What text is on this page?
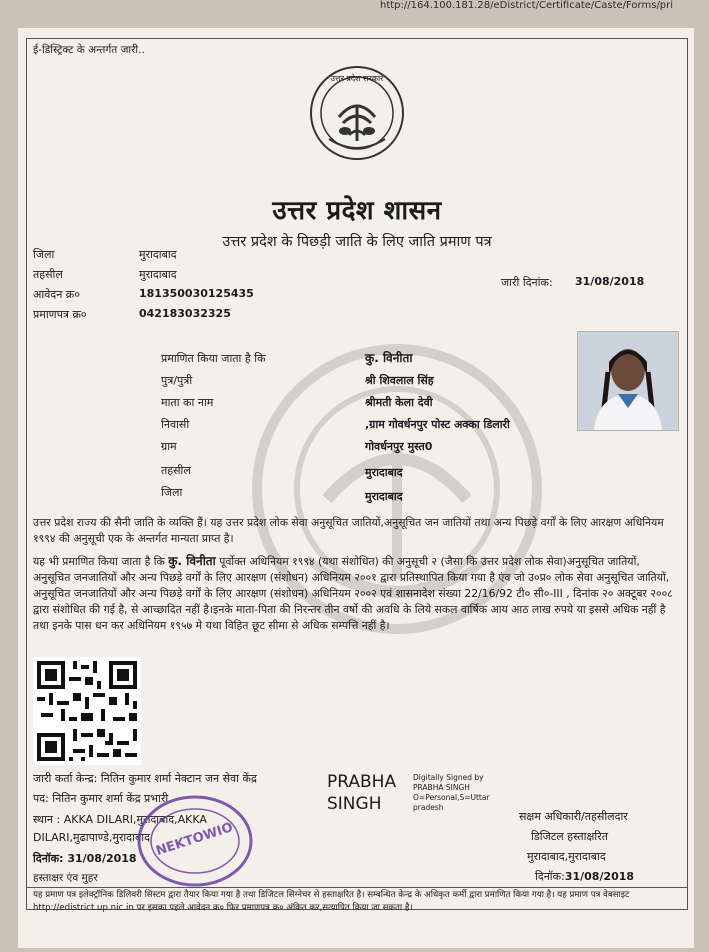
http://164.100.181.28/eDistrict/Certificate/Caste/Forms/pri
ई-डिस्ट्रिक्ट के अन्तर्गत जारी..
उत्तर प्रदेश सरकार
उत्तर प्रदेश शासन
उत्तर प्रदेश के पिछड़ी जाति के लिए जाति प्रमाण पत्र
जिला	मुरादाबाद
तहसील	मुरादाबाद
आवेदन क्र०	181350030125435
प्रमाणपत्र क्र०	042183032325
जारी दिनांक: 31/08/2018
प्रमाणित किया जाता है कि	कु. विनीता
पुत्र/पुत्री	श्री शिवलाल सिंह
माता का नाम	श्रीमती केला देवी
निवासी	,ग्राम गोवर्धनपुर पोस्ट अक्का डिलारी
ग्राम	गोवर्धनपुर मुस्त0
तहसील	मुरादाबाद
जिला	मुरादाबाद
उत्तर प्रदेश राज्य की सैनी जाति के व्यक्ति हैं। यह उत्तर प्रदेश लोक सेवा अनुसूचित जातियों,अनुसूचित जन जातियों तथा अन्य पिछड़े वर्गों के लिए आरक्षण अधिनियम १९९४ की अनुसूची एक के अन्तर्गत मान्यता प्राप्त है।
यह भी प्रमाणित किया जाता है कि कु. विनीता पूर्वोक्त अधिनियम १९९४ (यथा संशोधित) की अनुसूची २ (जैसा कि उत्तर प्रदेश लोक सेवा)अनुसूचित जातियों, अनुसूचित जनजातियों और अन्य पिछड़े वर्गों के लिए आरक्षण (संशोधन) अधिनियम २००१ द्वारा प्रतिस्थापित किया गया है एंव जो उ०प्र० लोक सेवा अनुसूचित जातियों, अनुसूचित जनजातियों और अन्य पिछड़े वर्गों के लिए आरक्षण (संशोधन) अधिनियम २००२ एवं शासनादेश संख्या 22/16/92 टी० सी०-III , दिनांक २० अक्टूबर २००८ द्वारा संशोधित की गई है, से आच्छादित नहीं है।इनके माता-पिता की निरन्तर तीन वर्षो की अवधि के लिये सकल वार्षिक आय आठ लाख रुपये या इससे अधिक नहीं है तथा इनके पास धन कर अधिनियम १९५७ मे यथा विहित छूट सीमा से अधिक सम्पत्ति नहीं है।
जारी कर्ता केन्द्र: नितिन कुमार शर्मा नेक्टान जन सेवा केंद्र
पद: नितिन कुमार शर्मा केंद्र प्रभारी
स्थान : AKKA DILARI,मुरादाबाद,AKKA DILARI,मुढापाण्डे,मुरादाबाद
दिनॉक: 31/08/2018
हस्ताक्षर एंव मुहर
NEKTOWIO
PRABHA SINGH
Digitally Signed by PRABHA SINGH O=Personal,S=Uttar pradesh
सक्षम अधिकारी/तहसीलदार
डिजिटल हस्ताक्षरित
मुरादाबाद,मुरादाबाद
दिनॉक:31/08/2018
यह प्रमाण पत्र इलेक्ट्रॉनिक डिलिवरी सिस्टम द्वारा तैयार किया गया है तथा डिजिटल सिग्नेचर से हस्ताक्षरित है। सम्बन्धित केन्द्र के अधिकृत कर्मी द्वारा प्रमाणित किया गया है। यह प्रमाण पत्र वेबसाइट http://edistrict.up.nic.in पर इसका पहले आवेदन क्र० फिर प्रमाणपत्र क्र० अंकित कर,सत्यापित किया जा सकता है।
